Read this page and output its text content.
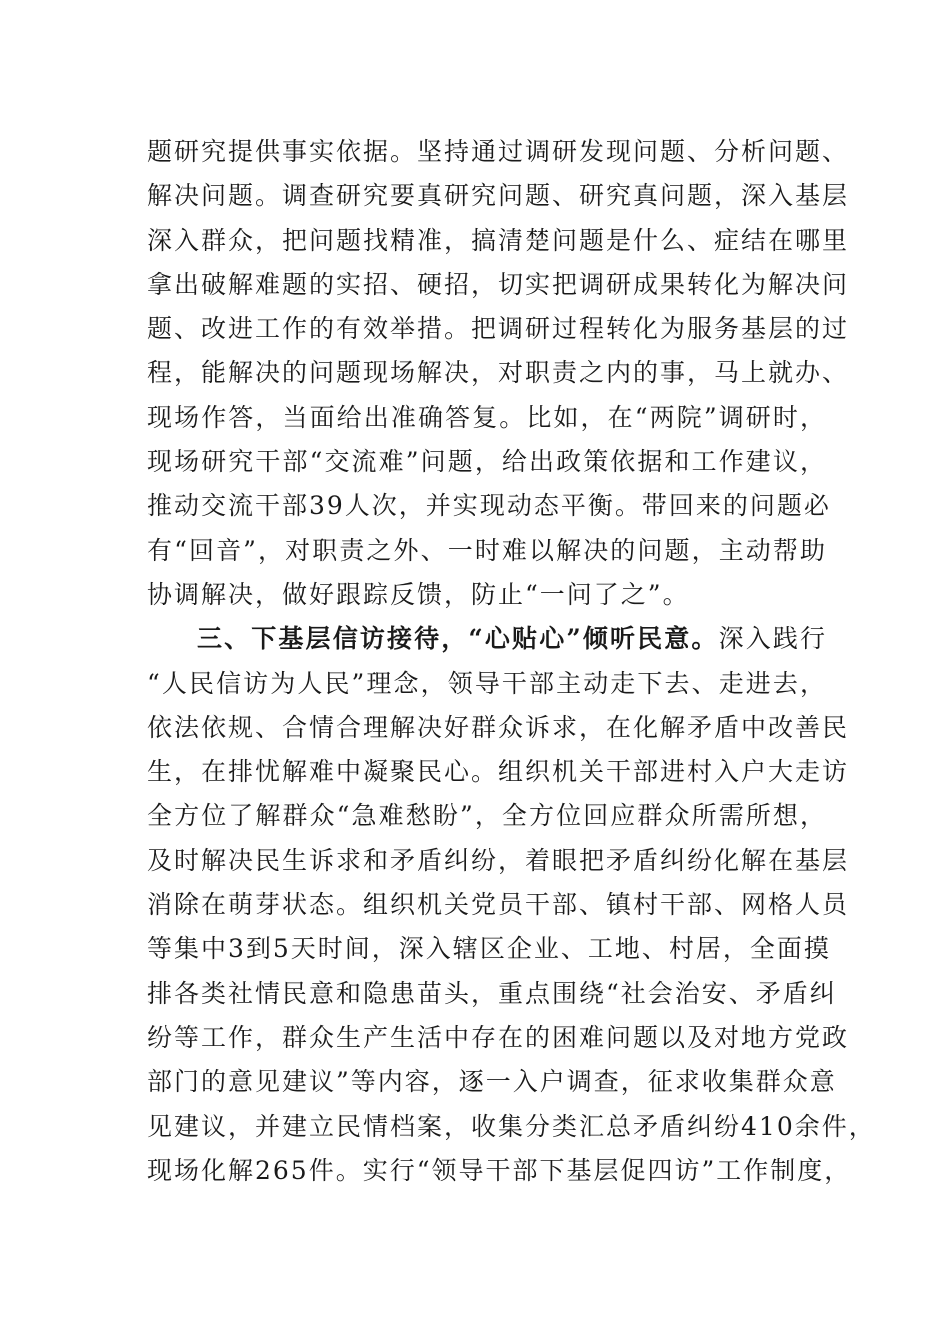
题研究提供事实依据。坚持通过调研发现问题、分析问题、
解决问题。调查研究要真研究问题、研究真问题，深入基层
深入群众，把问题找精准，搞清楚问题是什么、症结在哪里
拿出破解难题的实招、硬招，切实把调研成果转化为解决问
题、改进工作的有效举措。把调研过程转化为服务基层的过
程，能解决的问题现场解决，对职责之内的事，马上就办、
现场作答，当面给出准确答复。比如，在“两院”调研时，
现场研究干部“交流难”问题，给出政策依据和工作建议，
推动交流干部39人次，并实现动态平衡。带回来的问题必
有“回音”，对职责之外、一时难以解决的问题，主动帮助
协调解决，做好跟踪反馈，防止“一问了之”。
三、下基层信访接待，“心贴心”倾听民意。深入践行
“人民信访为人民”理念，领导干部主动走下去、走进去，
依法依规、合情合理解决好群众诉求，在化解矛盾中改善民
生，在排忧解难中凝聚民心。组织机关干部进村入户大走访
全方位了解群众“急难愁盼”，全方位回应群众所需所想，
及时解决民生诉求和矛盾纠纷，着眼把矛盾纠纷化解在基层
消除在萌芽状态。组织机关党员干部、镇村干部、网格人员
等集中3到5天时间，深入辖区企业、工地、村居，全面摸
排各类社情民意和隐患苗头，重点围绕“社会治安、矛盾纠
纷等工作，群众生产生活中存在的困难问题以及对地方党政
部门的意见建议”等内容，逐一入户调查，征求收集群众意
见建议，并建立民情档案，收集分类汇总矛盾纠纷410余件，
现场化解265件。实行“领导干部下基层促四访”工作制度，
